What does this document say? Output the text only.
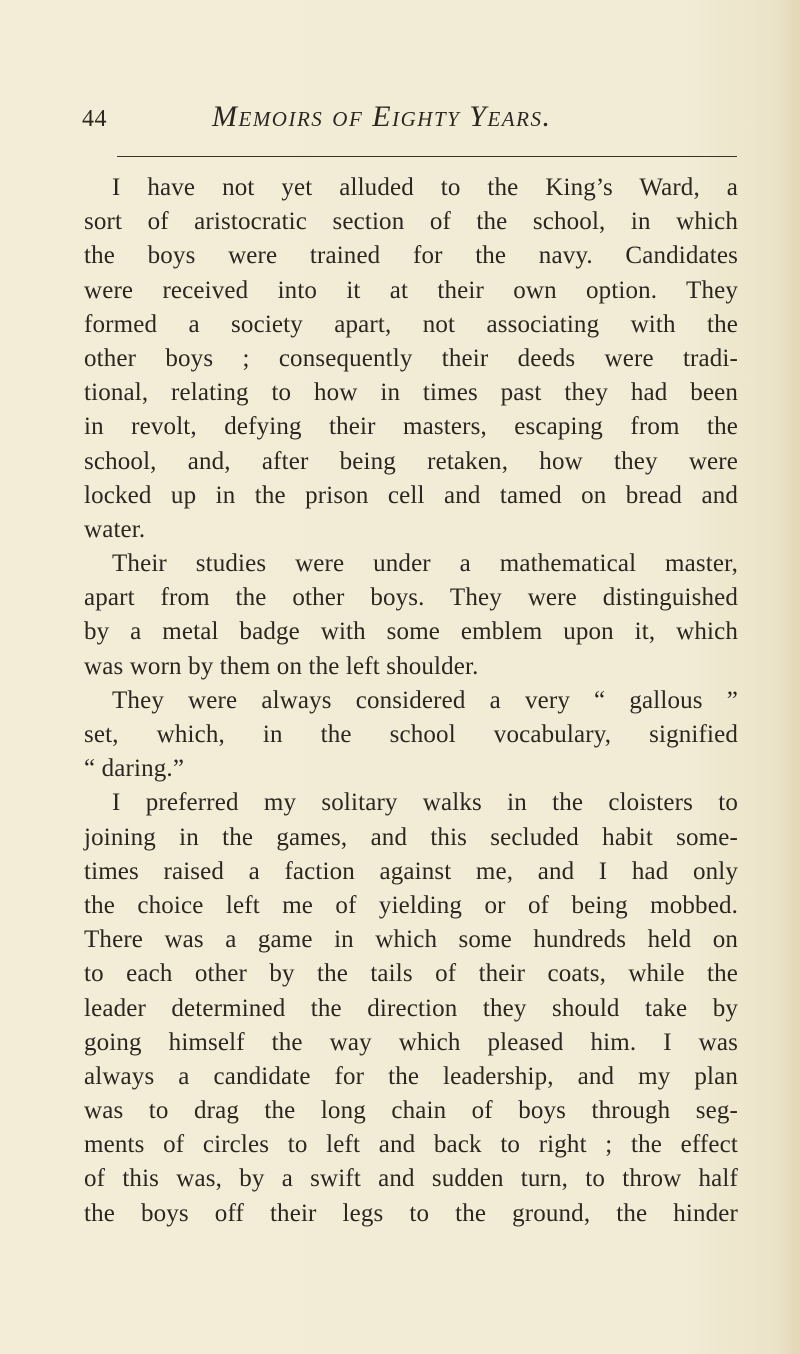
44	Memoirs of Eighty Years.
I have not yet alluded to the King’s Ward, a
sort of aristocratic section of the school, in which
the boys were trained for the navy. Candidates
were received into it at their own option. They
formed a society apart, not associating with the
other boys ; consequently their deeds were tradi-
tional, relating to how in times past they had been
in revolt, defying their masters, escaping from the
school, and, after being retaken, how they were
locked up in the prison cell and tamed on bread and
water.
Their studies were under a mathematical master,
apart from the other boys. They were distinguished
by a metal badge with some emblem upon it, which
was worn by them on the left shoulder.
They were always considered a very “ gallous ”
set, which, in the school vocabulary, signified
“ daring.”
I preferred my solitary walks in the cloisters to
joining in the games, and this secluded habit some-
times raised a faction against me, and I had only
the choice left me of yielding or of being mobbed.
There was a game in which some hundreds held on
to each other by the tails of their coats, while the
leader determined the direction they should take by
going himself the way which pleased him. I was
always a candidate for the leadership, and my plan
was to drag the long chain of boys through seg-
ments of circles to left and back to right ; the effect
of this was, by a swift and sudden turn, to throw half
the boys off their legs to the ground, the hinder
